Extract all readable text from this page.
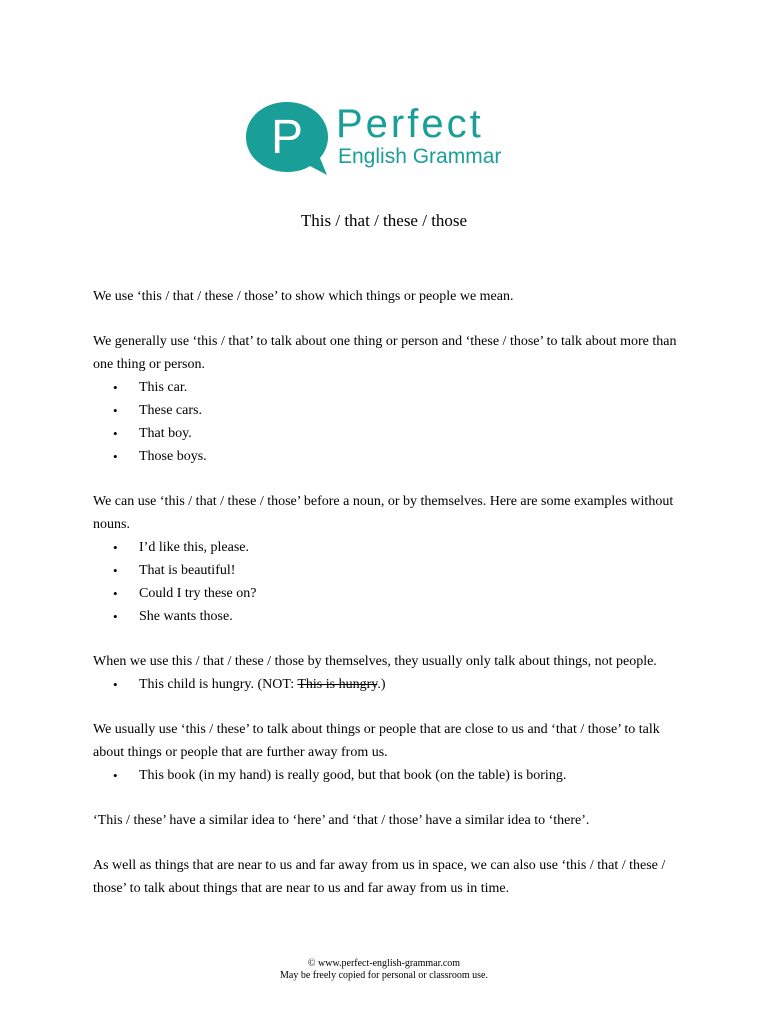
P Perfect
English Grammar
This / that / these / those

We use ‘this / that / these / those’ to show which things or people we mean.

We generally use ‘this / that’ to talk about one thing or person and ‘these / those’ to talk about more than one thing or person.

• This car.
• These cars.
• That boy.
• Those boys.

We can use ‘this / that / these / those’ before a noun, or by themselves. Here are some examples without nouns.

• I’d like this, please.
• That is beautiful!
• Could I try these on?
• She wants those.

When we use this / that / these / those by themselves, they usually only talk about things, not people.

• This child is hungry. (NOT: This is hungry.)

We usually use ‘this / these’ to talk about things or people that are close to us and ‘that / those’ to talk about things or people that are further away from us.

• This book (in my hand) is really good, but that book (on the table) is boring.

‘This / these’ have a similar idea to ‘here’ and ‘that / those’ have a similar idea to ‘there’.

As well as things that are near to us and far away from us in space, we can also use ‘this / that / these / those’ to talk about things that are near to us and far away from us in time.

© www.perfect-english-grammar.com
May be freely copied for personal or classroom use.
